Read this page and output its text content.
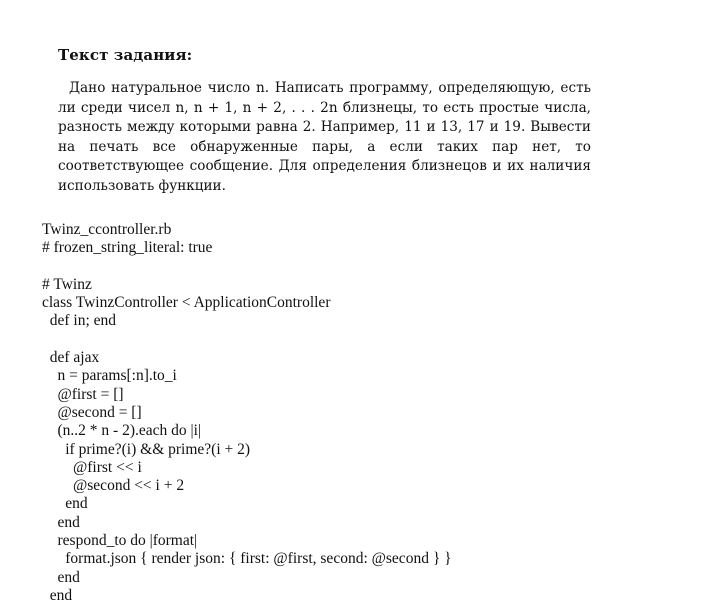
Текст задания:

Дано натуральное число n. Написать программу, определяющую, есть ли среди чисел n, n + 1, n + 2, . . . 2n близнецы, то есть простые числа, разность между которыми равна 2. Например, 11 и 13, 17 и 19. Вывести на печать все обнаруженные пары, а если таких пар нет, то соответствующее сообщение. Для определения близнецов и их наличия использовать функции.

Twinz_ccontroller.rb
# frozen_string_literal: true
# Twinz
class TwinzController < ApplicationController
def in; end
def ajax
n = params[:n].to_i
@first = []
@second = []
(n..2 * n - 2).each do |i|
if prime?(i) && prime?(i + 2)
@first << i
@second << i + 2
end
end
respond_to do |format|
format.json { render json: { first: @first, second: @second } }
end
end
